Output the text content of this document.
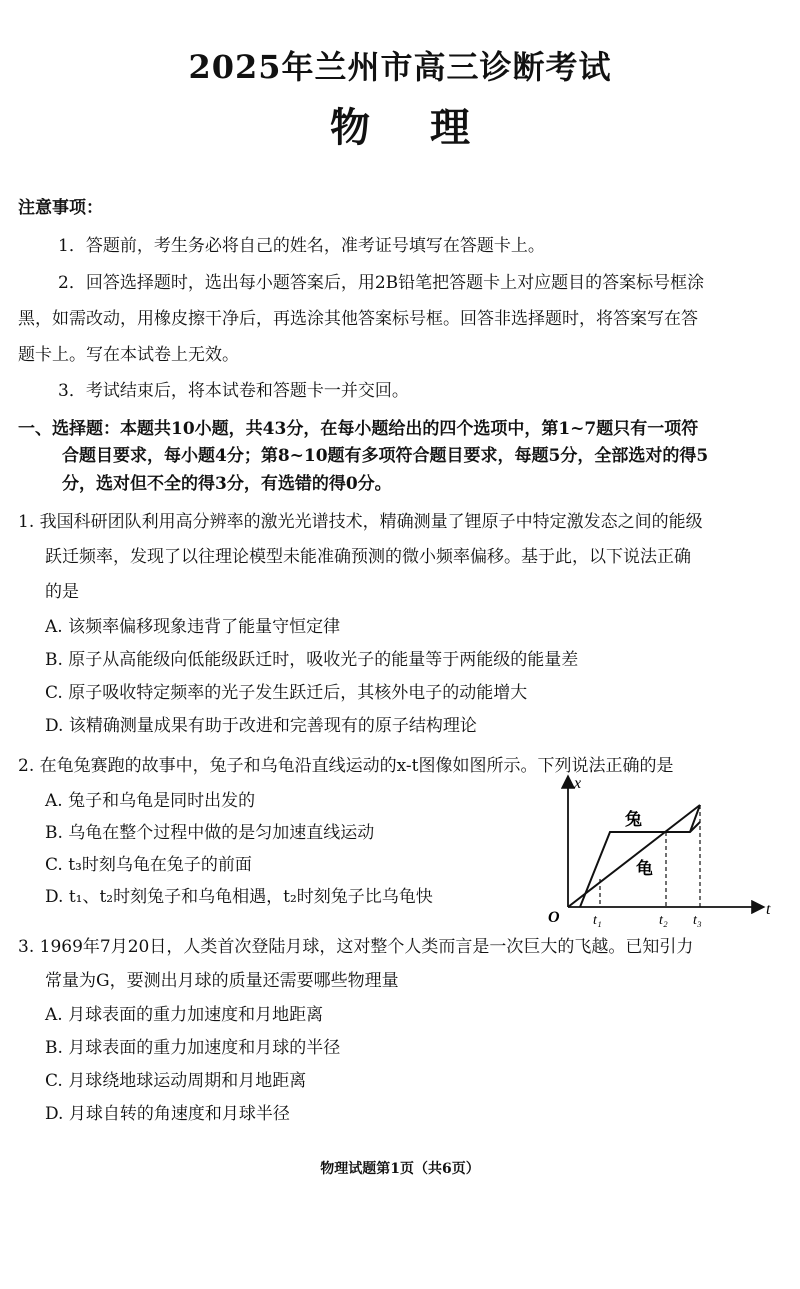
2025年兰州市高三诊断考试
物理
注意事项：
1．答题前，考生务必将自己的姓名，准考证号填写在答题卡上。
2．回答选择题时，选出每小题答案后，用2B铅笔把答题卡上对应题目的答案标号框涂
黑，如需改动，用橡皮擦干净后，再选涂其他答案标号框。回答非选择题时，将答案写在答
题卡上。写在本试卷上无效。
3．考试结束后，将本试卷和答题卡一并交回。
一、选择题：本题共10小题，共43分，在每小题给出的四个选项中，第1~7题只有一项符
合题目要求，每小题4分；第8~10题有多项符合题目要求，每题5分，全部选对的得5
分，选对但不全的得3分，有选错的得0分。
1. 我国科研团队利用高分辨率的激光光谱技术，精确测量了锂原子中特定激发态之间的能级
跃迁频率，发现了以往理论模型未能准确预测的微小频率偏移。基于此，以下说法正确
的是
A. 该频率偏移现象违背了能量守恒定律
B. 原子从高能级向低能级跃迁时，吸收光子的能量等于两能级的能量差
C. 原子吸收特定频率的光子发生跃迁后，其核外电子的动能增大
D. 该精确测量成果有助于改进和完善现有的原子结构理论
2. 在龟兔赛跑的故事中，兔子和乌龟沿直线运动的x-t图像如图所示。下列说法正确的是
A. 兔子和乌龟是同时出发的
B. 乌龟在整个过程中做的是匀加速直线运动
C. t₃时刻乌龟在兔子的前面
D. t₁、t₂时刻兔子和乌龟相遇，t₂时刻兔子比乌龟快
x
t
O
兔
龟
t₁	t₂ t₃
3. 1969年7月20日，人类首次登陆月球，这对整个人类而言是一次巨大的飞越。已知引力
常量为G，要测出月球的质量还需要哪些物理量
A. 月球表面的重力加速度和月地距离
B. 月球表面的重力加速度和月球的半径
C. 月球绕地球运动周期和月地距离
D. 月球自转的角速度和月球半径
物理试题第1页（共6页）
